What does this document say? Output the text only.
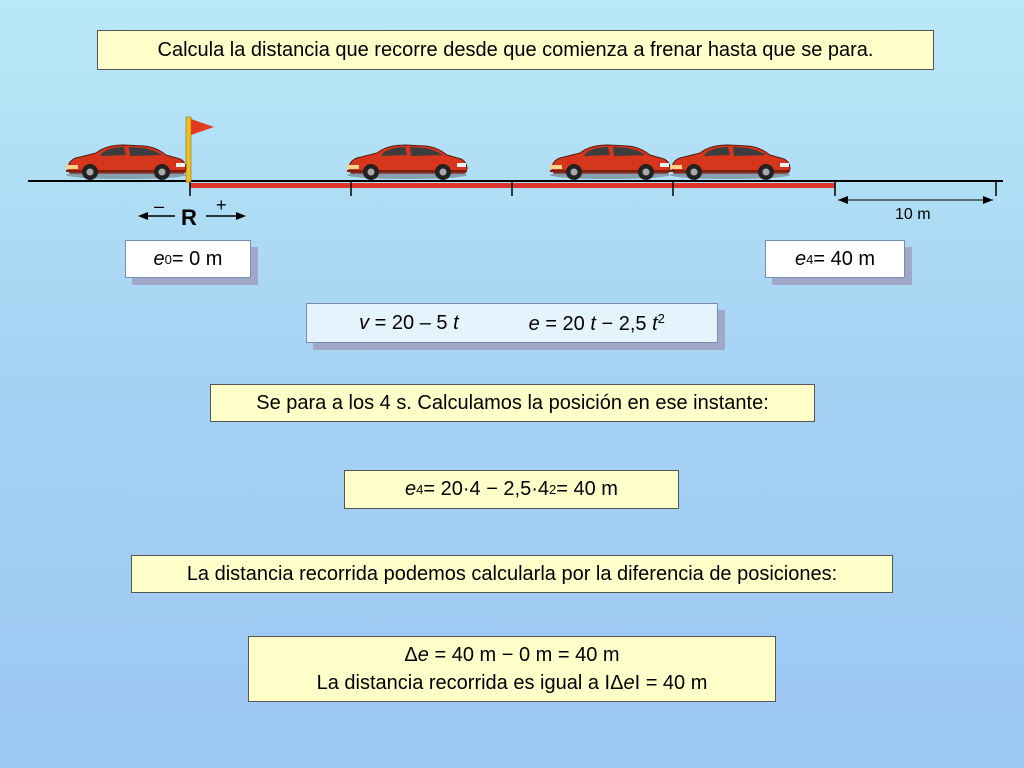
Calcula la distancia que recorre desde que comienza a frenar hasta que se para.
10 m
–	+
R
e 0 = 0 m	e 4 = 40 m
v = 20 – 5 t	e = 20 t − 2,5 $t^2$
Se para a los 4 s. Calculamos la posición en ese instante:
e 4 = 20·4 − 2,5·4 2 = 40 m
La distancia recorrida podemos calcularla por la diferencia de posiciones:
Δe = 40 m − 0 m = 40 m
La distancia recorrida es igual a IΔeI = 40 m
